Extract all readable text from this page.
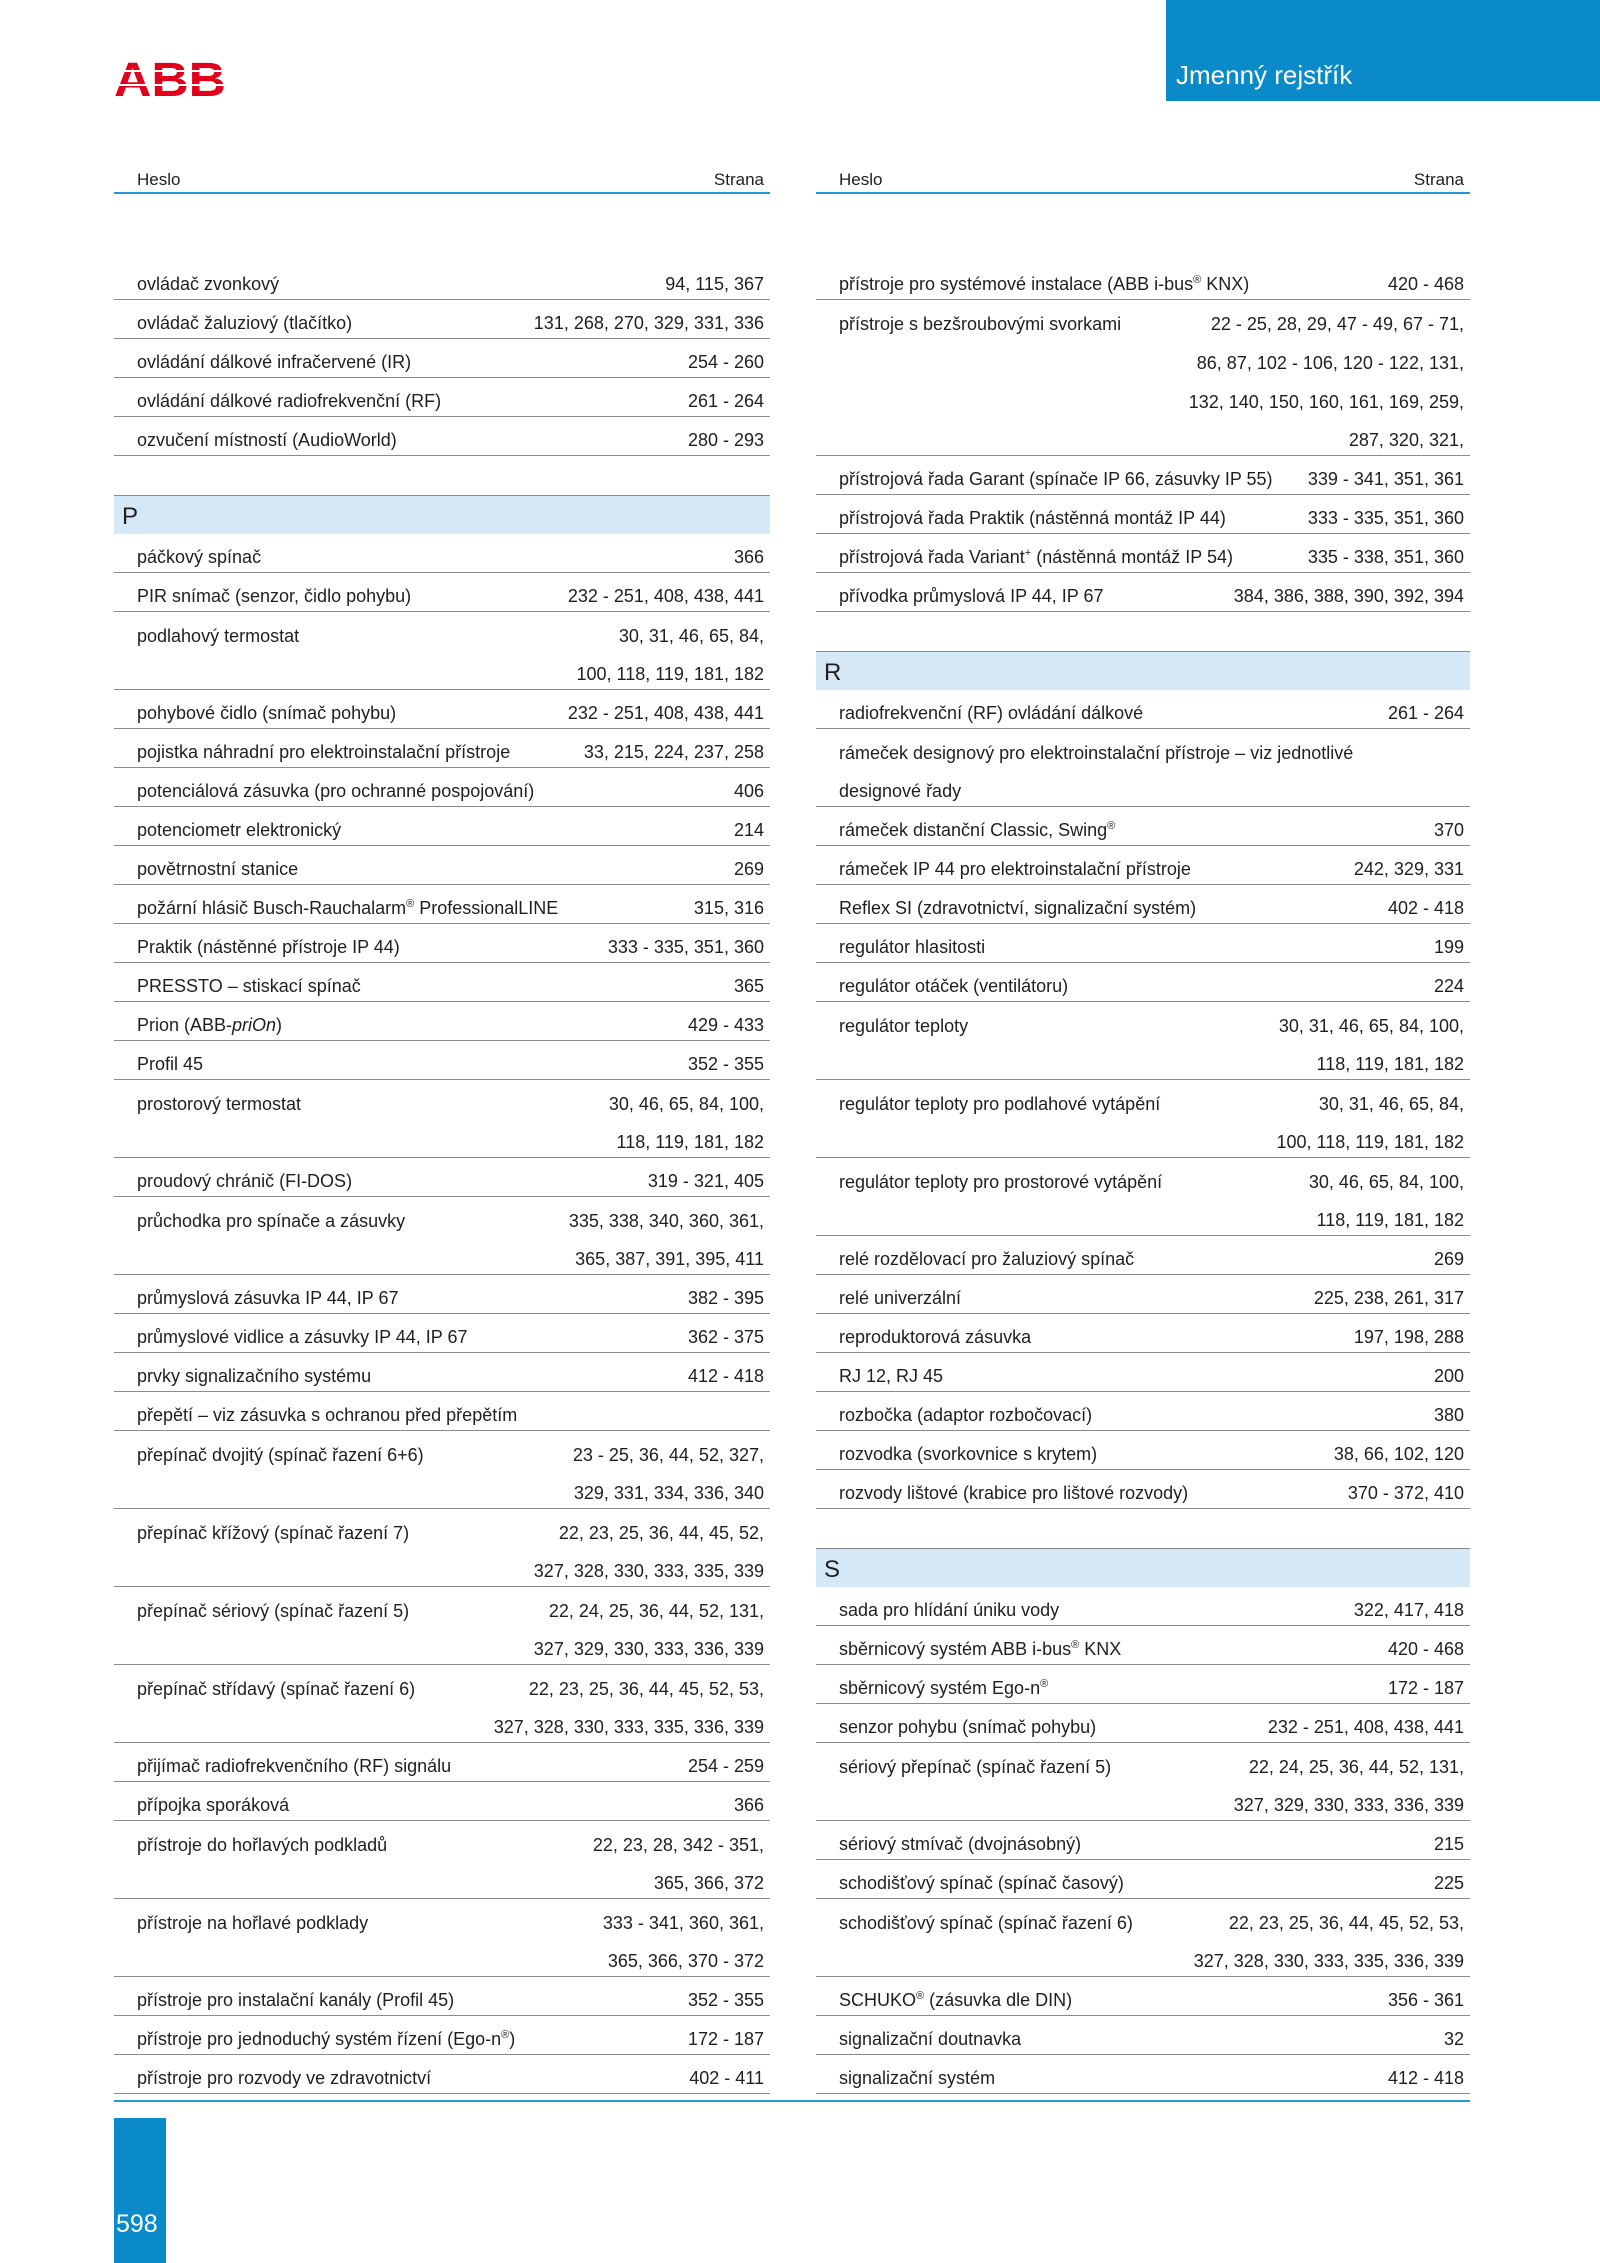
ABB	Jmenný rejstřík
Heslo	Strana
ovládač zvonkový	94, 115, 367
ovládač žaluziový (tlačítko)	131, 268, 270, 329, 331, 336
ovládání dálkové infračervené (IR)	254 - 260
ovládání dálkové radiofrekvenční (RF)	261 - 264
ozvučení místností (AudioWorld)	280 - 293
P
páčkový spínač	366
PIR snímač (senzor, čidlo pohybu)	232 - 251, 408, 438, 441
podlahový termostat	30, 31, 46, 65, 84,
100, 118, 119, 181, 182
pohybové čidlo (snímač pohybu)	232 - 251, 408, 438, 441
pojistka náhradní pro elektroinstalační přístroje	33, 215, 224, 237, 258
potenciálová zásuvka (pro ochranné pospojování)	406
potenciometr elektronický	214
povětrnostní stanice	269
požární hlásič Busch-Rauchalarm® ProfessionalLINE	315, 316
Praktik (nástěnné přístroje IP 44)	333 - 335, 351, 360
PRESSTO – stiskací spínač	365
Prion (ABB-priOn)	429 - 433
Profil 45	352 - 355
prostorový termostat	30, 46, 65, 84, 100,
118, 119, 181, 182
proudový chránič (FI-DOS)	319 - 321, 405
průchodka pro spínače a zásuvky	335, 338, 340, 360, 361,
365, 387, 391, 395, 411
průmyslová zásuvka IP 44, IP 67	382 - 395
průmyslové vidlice a zásuvky IP 44, IP 67	362 - 375
prvky signalizačního systému	412 - 418
přepětí – viz zásuvka s ochranou před přepětím
přepínač dvojitý (spínač řazení 6+6)	23 - 25, 36, 44, 52, 327,
329, 331, 334, 336, 340
přepínač křížový (spínač řazení 7)	22, 23, 25, 36, 44, 45, 52,
327, 328, 330, 333, 335, 339
přepínač sériový (spínač řazení 5)	22, 24, 25, 36, 44, 52, 131,
327, 329, 330, 333, 336, 339
přepínač střídavý (spínač řazení 6)	22, 23, 25, 36, 44, 45, 52, 53,
327, 328, 330, 333, 335, 336, 339
přijímač radiofrekvenčního (RF) signálu	254 - 259
přípojka sporáková	366
přístroje do hořlavých podkladů	22, 23, 28, 342 - 351,
365, 366, 372
přístroje na hořlavé podklady	333 - 341, 360, 361,
365, 366, 370 - 372
přístroje pro instalační kanály (Profil 45)	352 - 355
přístroje pro jednoduchý systém řízení (Ego-n®)	172 - 187
přístroje pro rozvody ve zdravotnictví	402 - 411
Heslo	Strana
přístroje pro systémové instalace (ABB i-bus® KNX)	420 - 468
přístroje s bezšroubovými svorkami	22 - 25, 28, 29, 47 - 49, 67 - 71,
86, 87, 102 - 106, 120 - 122, 131,
132, 140, 150, 160, 161, 169, 259,
287, 320, 321,
přístrojová řada Garant (spínače IP 66, zásuvky IP 55) 339 - 341, 351, 361
přístrojová řada Praktik (nástěnná montáž IP 44)	333 - 335, 351, 360
přístrojová řada Variant+ (nástěnná montáž IP 54)	335 - 338, 351, 360
přívodka průmyslová IP 44, IP 67	384, 386, 388, 390, 392, 394
R
radiofrekvenční (RF) ovládání dálkové	261 - 264
rámeček designový pro elektroinstalační přístroje – viz jednotlivé
designové řady
rámeček distanční Classic, Swing®	370
rámeček IP 44 pro elektroinstalační přístroje	242, 329, 331
Reflex SI (zdravotnictví, signalizační systém)	402 - 418
regulátor hlasitosti	199
regulátor otáček (ventilátoru)	224
regulátor teploty	30, 31, 46, 65, 84, 100,
118, 119, 181, 182
regulátor teploty pro podlahové vytápění	30, 31, 46, 65, 84,
100, 118, 119, 181, 182
regulátor teploty pro prostorové vytápění	30, 46, 65, 84, 100,
118, 119, 181, 182
relé rozdělovací pro žaluziový spínač	269
relé univerzální	225, 238, 261, 317
reproduktorová zásuvka	197, 198, 288
RJ 12, RJ 45	200
rozbočka (adaptor rozbočovací)	380
rozvodka (svorkovnice s krytem)	38, 66, 102, 120
rozvody lištové (krabice pro lištové rozvody)	370 - 372, 410
S
sada pro hlídání úniku vody	322, 417, 418
sběrnicový systém ABB i-bus® KNX	420 - 468
sběrnicový systém Ego-n®	172 - 187
senzor pohybu (snímač pohybu)	232 - 251, 408, 438, 441
sériový přepínač (spínač řazení 5)	22, 24, 25, 36, 44, 52, 131,
327, 329, 330, 333, 336, 339
sériový stmívač (dvojnásobný)	215
schodišťový spínač (spínač časový)	225
schodišťový spínač (spínač řazení 6)	22, 23, 25, 36, 44, 45, 52, 53,
327, 328, 330, 333, 335, 336, 339
SCHUKO® (zásuvka dle DIN)	356 - 361
signalizační doutnavka	32
signalizační systém	412 - 418
598
